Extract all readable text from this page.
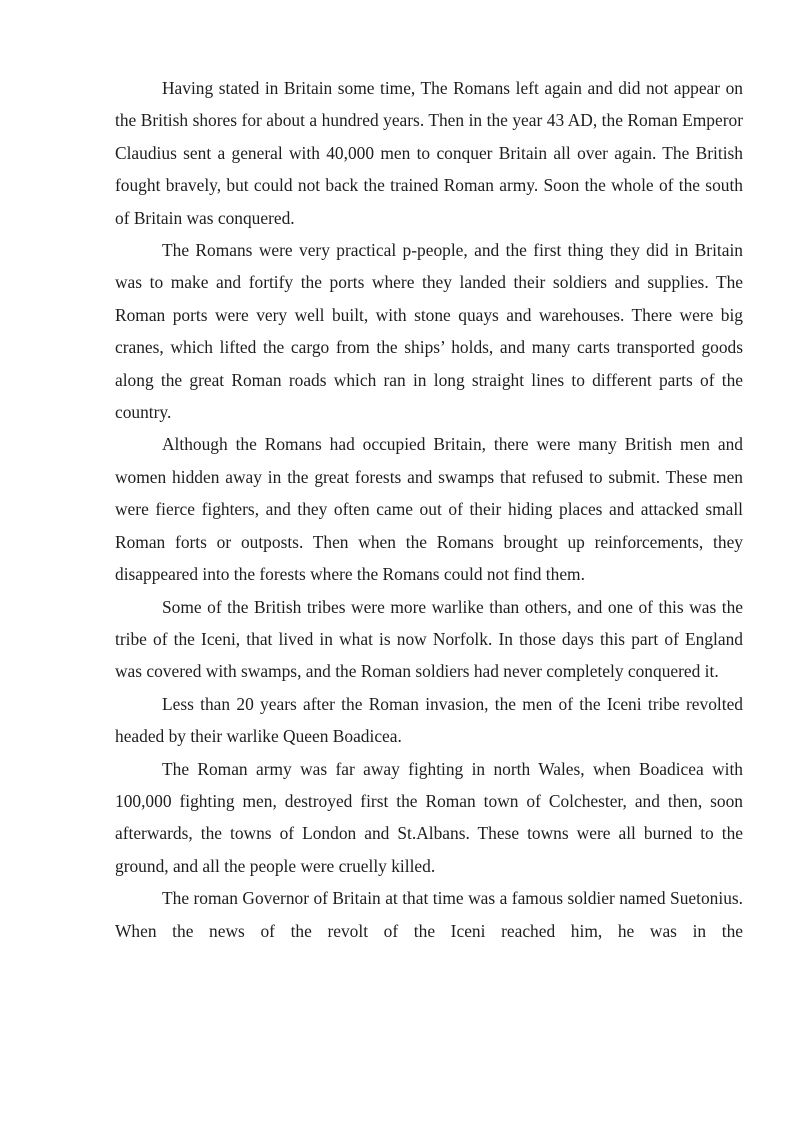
Having stated in Britain some time, The Romans left again and did not appear on the British shores for about a hundred years. Then in the year 43 AD, the Roman Emperor Claudius sent a general with 40,000 men to conquer Britain all over again. The British fought bravely, but could not back the trained Roman army. Soon the whole of the south of Britain was conquered.

The Romans were very practical p-people, and the first thing they did in Britain was to make and fortify the ports where they landed their soldiers and supplies. The Roman ports were very well built, with stone quays and warehouses. There were big cranes, which lifted the cargo from the ships’ holds, and many carts transported goods along the great Roman roads which ran in long straight lines to different parts of the country.

Although the Romans had occupied Britain, there were many British men and women hidden away in the great forests and swamps that refused to submit. These men were fierce fighters, and they often came out of their hiding places and attacked small Roman forts or outposts. Then when the Romans brought up reinforcements, they disappeared into the forests where the Romans could not find them.

Some of the British tribes were more warlike than others, and one of this was the tribe of the Iceni, that lived in what is now Norfolk. In those days this part of England was covered with swamps, and the Roman soldiers had never completely conquered it.

Less than 20 years after the Roman invasion, the men of the Iceni tribe revolted headed by their warlike Queen Boadicea.

The Roman army was far away fighting in north Wales, when Boadicea with 100,000 fighting men, destroyed first the Roman town of Colchester, and then, soon afterwards, the towns of London and St.Albans. These towns were all burned to the ground, and all the people were cruelly killed.

The roman Governor of Britain at that time was a famous soldier named Suetonius. When the news of the revolt of the Iceni reached him, he was in the
